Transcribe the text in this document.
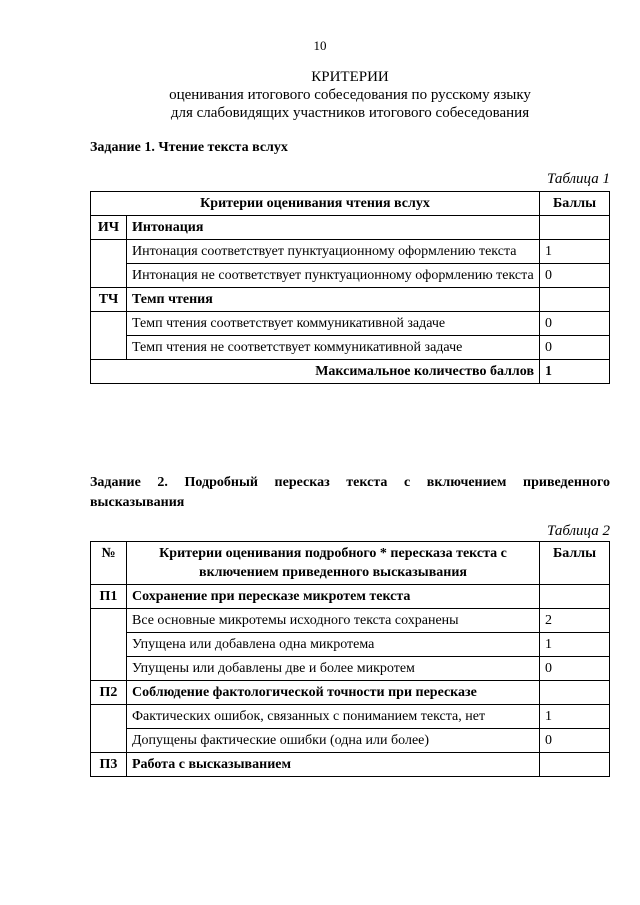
10
КРИТЕРИИ
оценивания итогового собеседования по русскому языку
для слабовидящих участников итогового собеседования
Задание 1. Чтение текста вслух
Таблица 1
Критерии оценивания чтения вслух		Баллы
ИЧ	Интонация	
	Интонация соответствует пунктуационному оформлению текста	1
	Интонация не соответствует пунктуационному оформлению текста	0
ТЧ	Темп чтения	
	Темп чтения соответствует коммуникативной задаче	0
	Темп чтения не соответствует коммуникативной задаче	0
Максимальное количество баллов		1
Задание 2. Подробный пересказ текста с включением приведенного высказывания
Таблица 2
№	Критерии оценивания подробного * пересказа текста с включением приведенного высказывания	Баллы
П1	Сохранение при пересказе микротем текста	
	Все основные микротемы исходного текста сохранены	2
	Упущена или добавлена одна микротема	1
	Упущены или добавлены две и более микротем	0
П2	Соблюдение фактологической точности при пересказе	
	Фактических ошибок, связанных с пониманием текста, нет	1
	Допущены фактические ошибки (одна или более)	0
П3	Работа с высказыванием	
